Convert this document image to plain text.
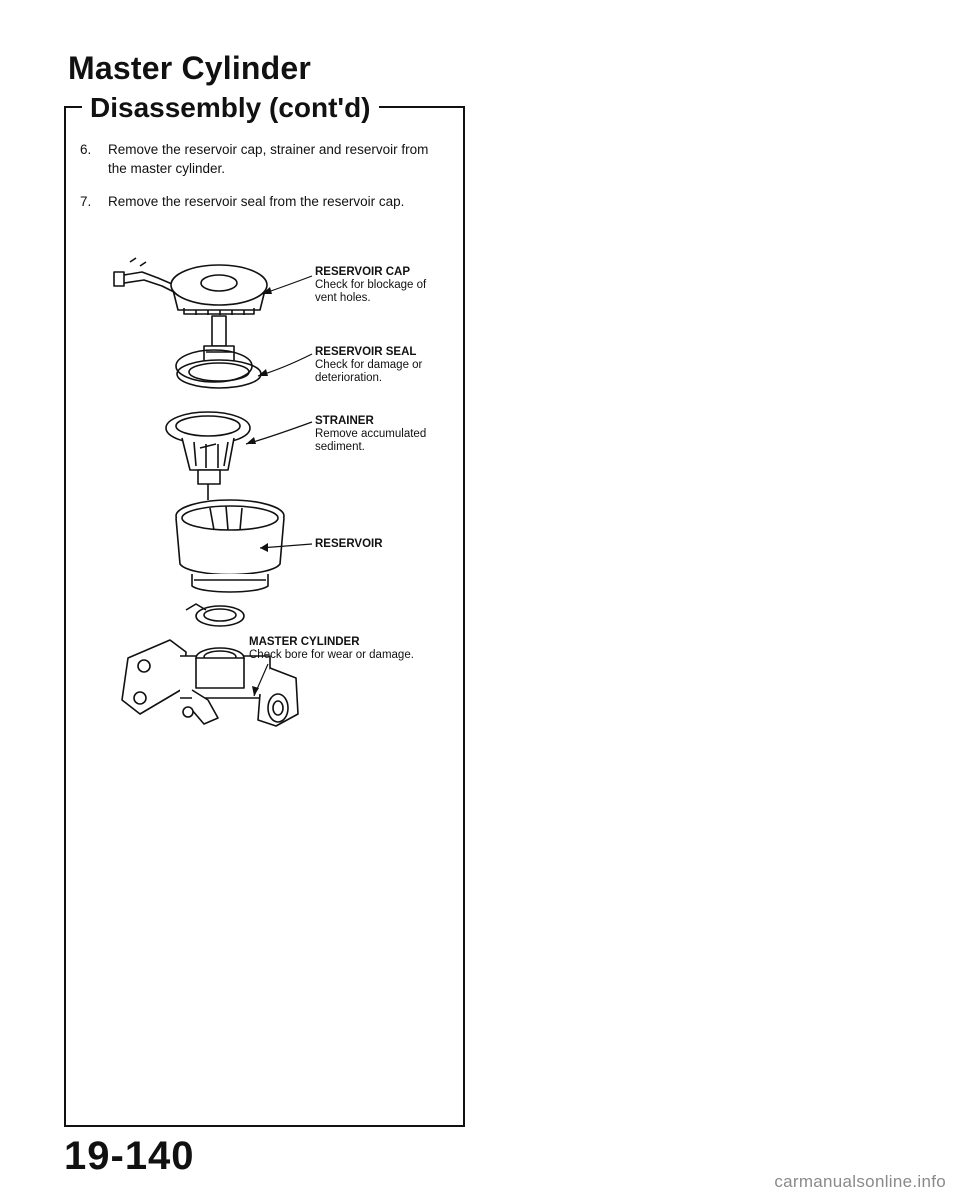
Master Cylinder
Disassembly (cont'd)
6. Remove the reservoir cap, strainer and reservoir from the master cylinder.
7. Remove the reservoir seal from the reservoir cap.
RESERVOIR CAP
Check for blockage of vent holes.
RESERVOIR SEAL
Check for damage or deterioration.
STRAINER
Remove accumulated sediment.
RESERVOIR
MASTER CYLINDER
Check bore for wear or damage.

19-140

carmanualsonline.info
